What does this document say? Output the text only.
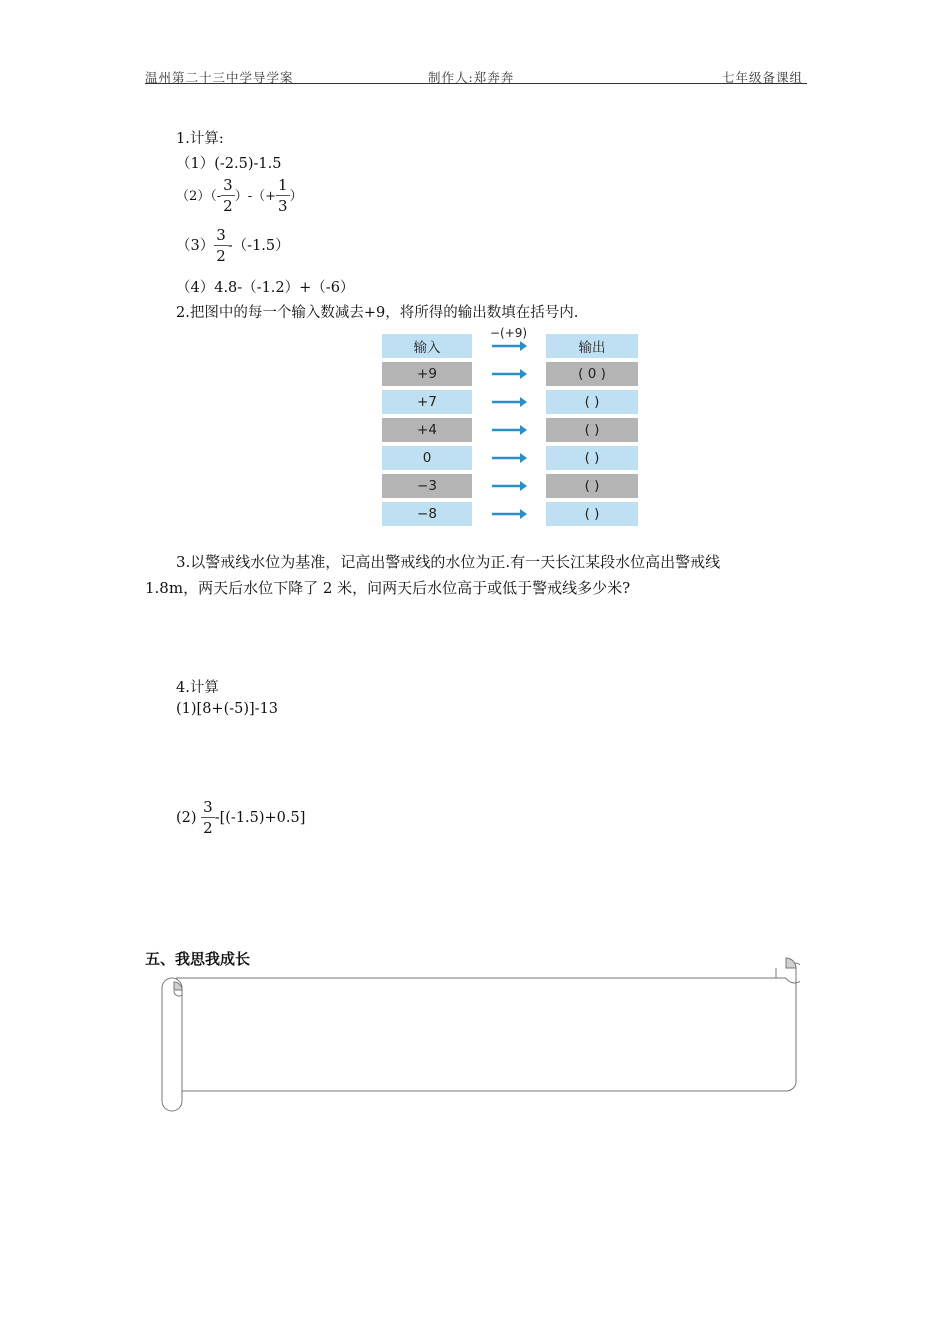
温州第二十三中学导学案	制作人:郑奔奔	七年级备课组
1.计算:
（1）(-2.5)-1.5
$(2)(- \frac{3}{2}$ ）-（+ $\frac{1}{3}$ ）
$(3) \frac{3}{2} -(-1.5)$
（4）4.8-（-1.2）+（-6）
2.把图中的每一个输入数减去+9，将所得的输出数填在括号内.
−(+9)
输入	输出
+9	( 0 )
+7	( )
+4	( )
0	( )
−3	( )
−8	( )
3.以警戒线水位为基准，记高出警戒线的水位为正.有一天长江某段水位高出警戒线
1.8m，两天后水位下降了 2 米，问两天后水位高于或低于警戒线多少米?
4.计算
(1)[8+(-5)]-13
$(2) \frac{3}{2} -[(-1.5)+0.5]$
五、我思我成长
